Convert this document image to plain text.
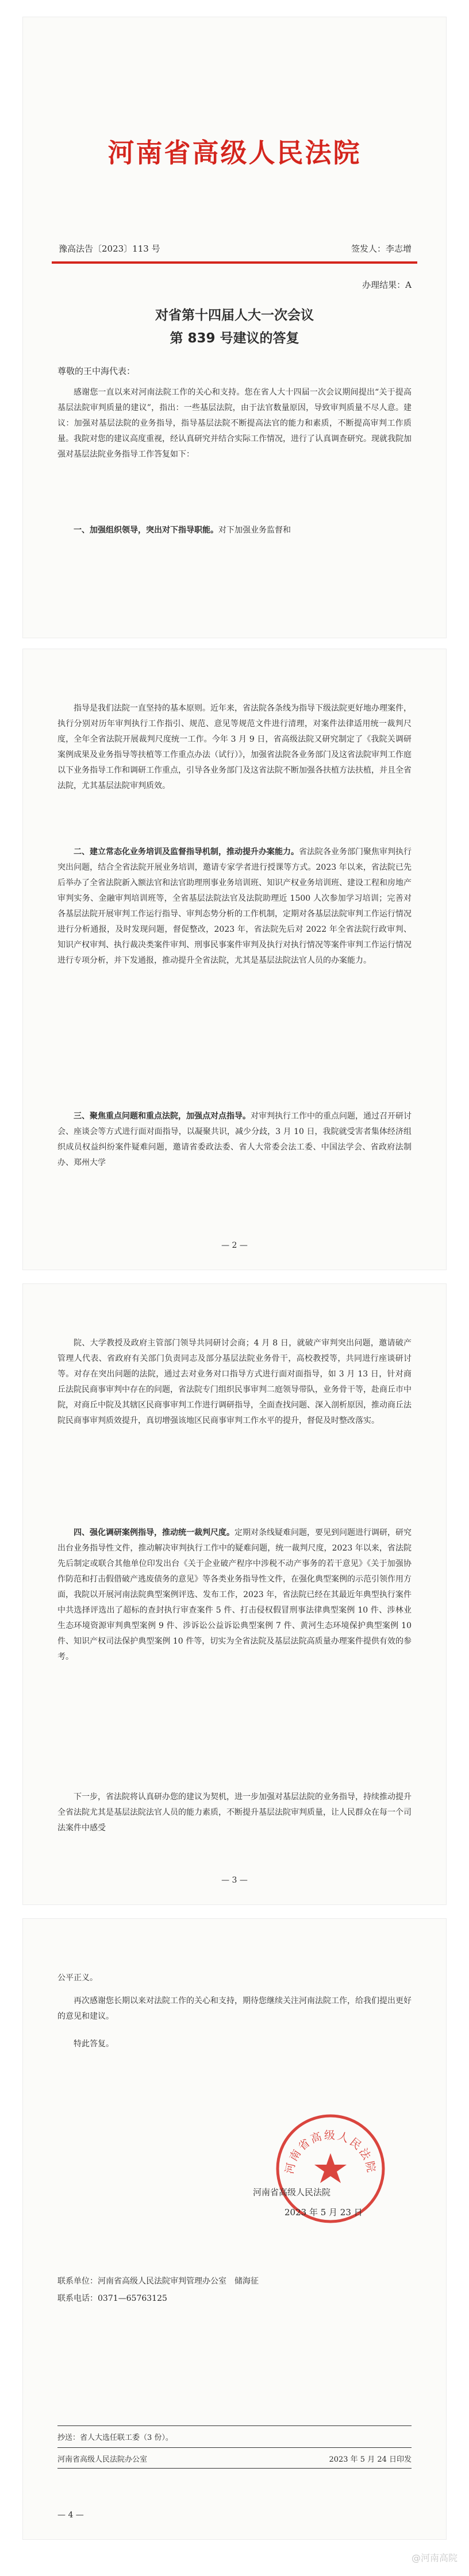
河南省高级人民法院
豫高法告〔2023〕113 号	签发人：李志增
办理结果：A
对省第十四届人大一次会议
第 839 号建议的答复
尊敬的王中海代表：
感谢您一直以来对河南法院工作的关心和支持。您在省人大十四届一次会议期间提出“关于提高基层法院审判质量的建议”，指出：一些基层法院，由于法官数量原因，导致审判质量不尽人意。建议：加强对基层法院的业务指导，指导基层法院不断提高法官的能力和素质，不断提高审判工作质量。我院对您的建议高度重视，经认真研究并结合实际工作情况，进行了认真调查研究。现就我院加强对基层法院业务指导工作答复如下：
一、加强组织领导，突出对下指导职能。对下加强业务监督和
指导是我们法院一直坚持的基本原则。近年来，省法院各条线为指导下级法院更好地办理案件，执行分别对历年审判执行工作指引、规范、意见等规范文件进行清理，对案件法律适用统一裁判尺度，全年全省法院开展裁判尺度统一工作。今年 3 月 9 日，省高级法院又研究制定了《我院关调研案例成果及业务指导等扶植等工作重点办法（试行）》，加强省法院各业务部门及这省法院审判工作庭以下业务指导工作和调研工作重点，引导各业务部门及这省法院不断加强各扶植方法扶植，并且全省法院，尤其基层法院审判质效。
二、建立常态化业务培训及监督指导机制，推动提升办案能力。省法院各业务部门聚焦审判执行突出问题，结合全省法院开展业务培训，邀请专家学者进行授课等方式。2023 年以来，省法院已先后举办了全省法院新入额法官和法官助理刑事业务培训班、知识产权业务培训班、建设工程和房地产审判实务、金融审判培训班等，全省基层法院法官及法院助理近 1500 人次参加学习培训；完善对各基层法院开展审判工作运行指导、审判态势分析的工作机制，定期对各基层法院审判工作运行情况进行分析通报，及时发现问题，督促整改，2023 年，省法院先后对 2022 年全省法院行政审判、知识产权审判、执行裁决类案件审判、刑事民事案件审判及执行对执行情况等案件审判工作运行情况进行专项分析，并下发通报，推动提升全省法院，尤其是基层法院法官人员的办案能力。
三、聚焦重点问题和重点法院，加强点对点指导。对审判执行工作中的重点问题，通过召开研讨会、座谈会等方式进行面对面指导，以凝聚共识，减少分歧，3 月 10 日，我院就受害者集体经济组织成员权益纠纷案件疑难问题，邀请省委政法委、省人大常委会法工委、中国法学会、省政府法制办、郑州大学
— 2 —
院、大学教授及政府主管部门领导共同研讨会商；4 月 8 日，就破产审判突出问题，邀请破产管理人代表、省政府有关部门负责同志及部分基层法院业务骨干，高校教授等，共同进行座谈研讨等。对存在突出问题的法院，通过去对业务对口指导方式进行面对面指导，如 3 月 13 日，针对商丘法院民商事审判中存在的问题，省法院专门组织民事审判二庭领导带队，业务骨干等，赴商丘市中院，对商丘中院及其辖区民商事审判工作进行调研指导，全面查找问题、深入剖析原因，推动商丘法院民商事审判质效提升，真切增强该地区民商事审判工作水平的提升，督促及时整改落实。
四、强化调研案例指导，推动统一裁判尺度。定期对条线疑难问题，要见到问题进行调研，研究出台业务指导性文件，推动解决审判执行工作中的疑难问题，统一裁判尺度，2023 年以来，省法院先后制定或联合其他单位印发出台《关于企业破产程序中涉税不动产事务的若干意见》《关于加强协作防范和打击假借破产逃废债务的意见》等各类业务指导性文件，在强化典型案例的示范引领作用方面，我院以开展河南法院典型案例评选、发布工作，2023 年，省法院已经在其最近年典型执行案件中共选择评选出了超标的查封执行审查案件 5 件、打击侵权假冒刑事法律典型案例 10 件、涉林业生态环境资源审判典型案例 9 件、涉诉讼公益诉讼典型案例 7 件、黄河生态环境保护典型案例 10 件、知识产权司法保护典型案例 10 件等，切实为全省法院及基层法院高质量办理案件提供有效的参考。
下一步，省法院将认真研办您的建议为契机，进一步加强对基层法院的业务指导，持续推动提升全省法院尤其是基层法院法官人员的能力素质，不断提升基层法院审判质量，让人民群众在每一个司法案件中感受
— 3 —
公平正义。
再次感谢您长期以来对法院工作的关心和支持，期待您继续关注河南法院工作，给我们提出更好的意见和建议。
特此答复。
河南省高级人民法院
河南省高级人民法院
2023 年 5 月 23 日
联系单位：河南省高级人民法院审判管理办公室　储海征
联系电话：0371—65763125
抄送：省人大选任联工委（3 份）。
河南省高级人民法院办公室	2023 年 5 月 24 日印发
— 4 —
@河南高院
